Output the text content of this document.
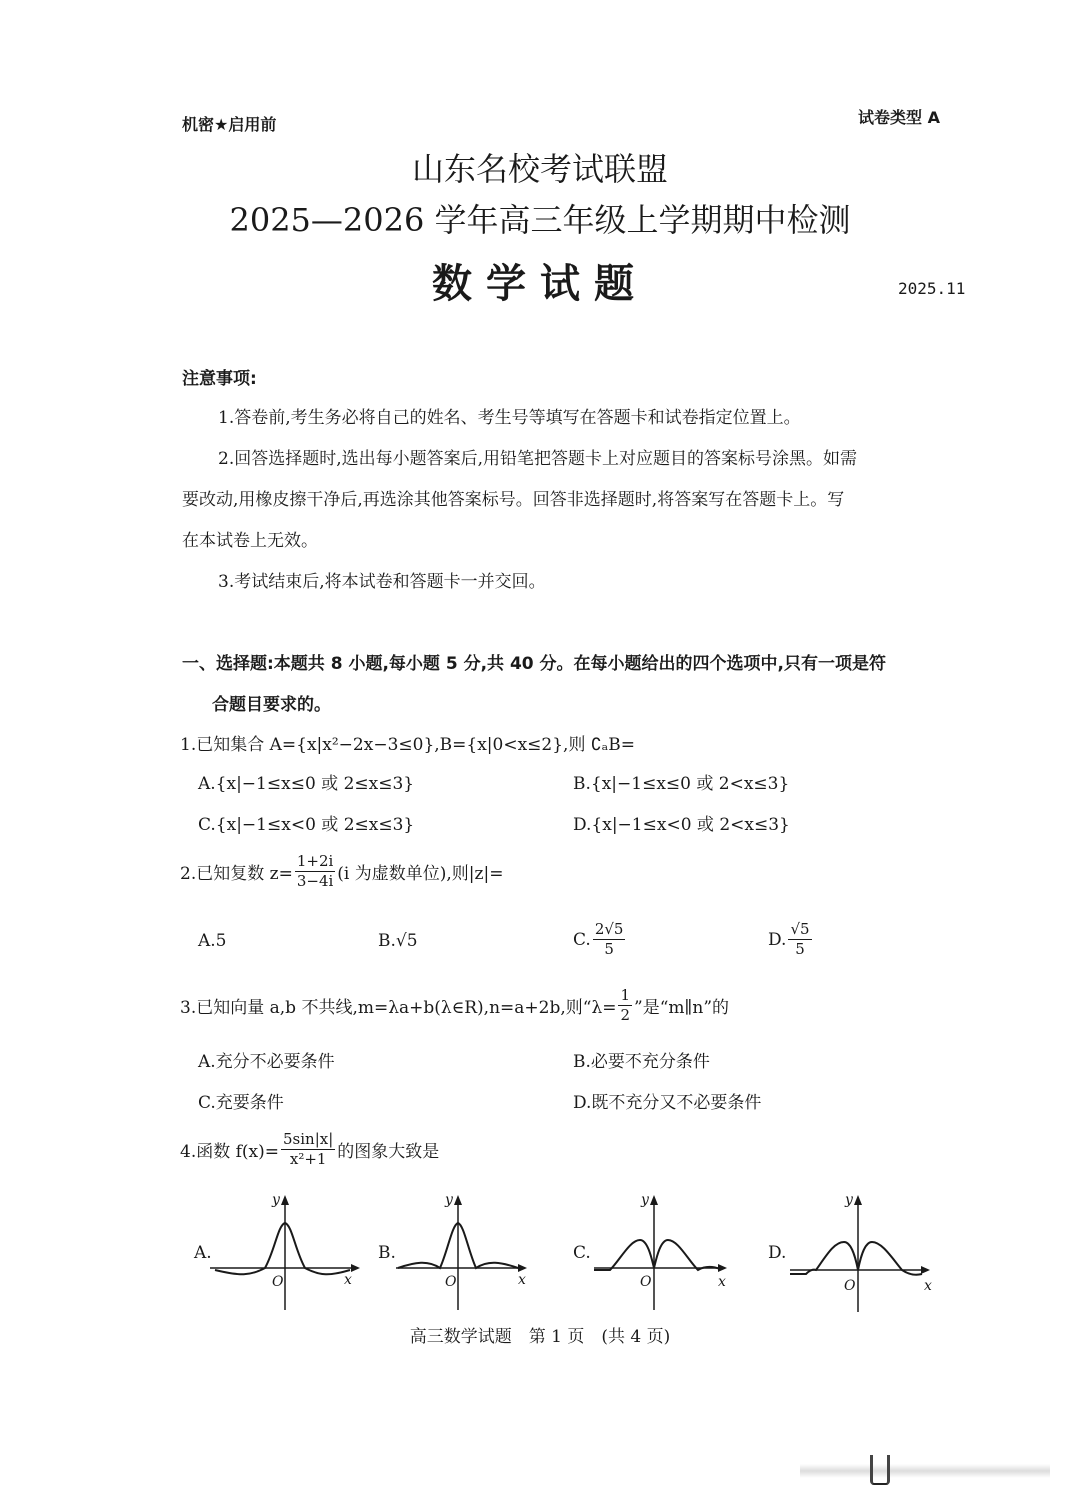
机密★启用前	试卷类型 A
山东名校考试联盟
2025—2026 学年高三年级上学期期中检测
数学试题	2025.11
注意事项:
1.答卷前,考生务必将自己的姓名、考生号等填写在答题卡和试卷指定位置上。
2.回答选择题时,选出每小题答案后,用铅笔把答题卡上对应题目的答案标号涂黑。如需
要改动,用橡皮擦干净后,再选涂其他答案标号。回答非选择题时,将答案写在答题卡上。写
在本试卷上无效。
3.考试结束后,将本试卷和答题卡一并交回。
一、选择题:本题共 8 小题,每小题 5 分,共 40 分。在每小题给出的四个选项中,只有一项是符
合题目要求的。
1.已知集合 A={x|x²−2x−3≤0},B={x|0<x≤2},则 ∁ₐB=
A.{x|−1≤x≤0 或 2≤x≤3}	B.{x|−1≤x≤0 或 2<x≤3}
C.{x|−1≤x<0 或 2≤x≤3}	D.{x|−1≤x<0 或 2<x≤3}
2.已知复数 $z= \frac{1+2i}{3-4i} (i$ 为虚数单位),则|z|=
A.5	B.√5	C. $\frac{2√5}{5}$	D. $\frac{√5}{5}$
3.已知向量 a,b 不共线,m=λa+b(λ∈R),n=a+2b,则“$\lambda= \frac{1}{2}$ ”是“m∥n”的
A.充分不必要条件	B.必要不充分条件
C.充要条件	D.既不充分又不必要条件
4.函数 $f(x)= \frac{5\sin|x|}{\text{x²+1}}$ 的图象大致是
A.
y
x
O
B.
y
x
O
C.
y
x
O
D.
y
x
O
高三数学试题　第 1 页　(共 4 页)
